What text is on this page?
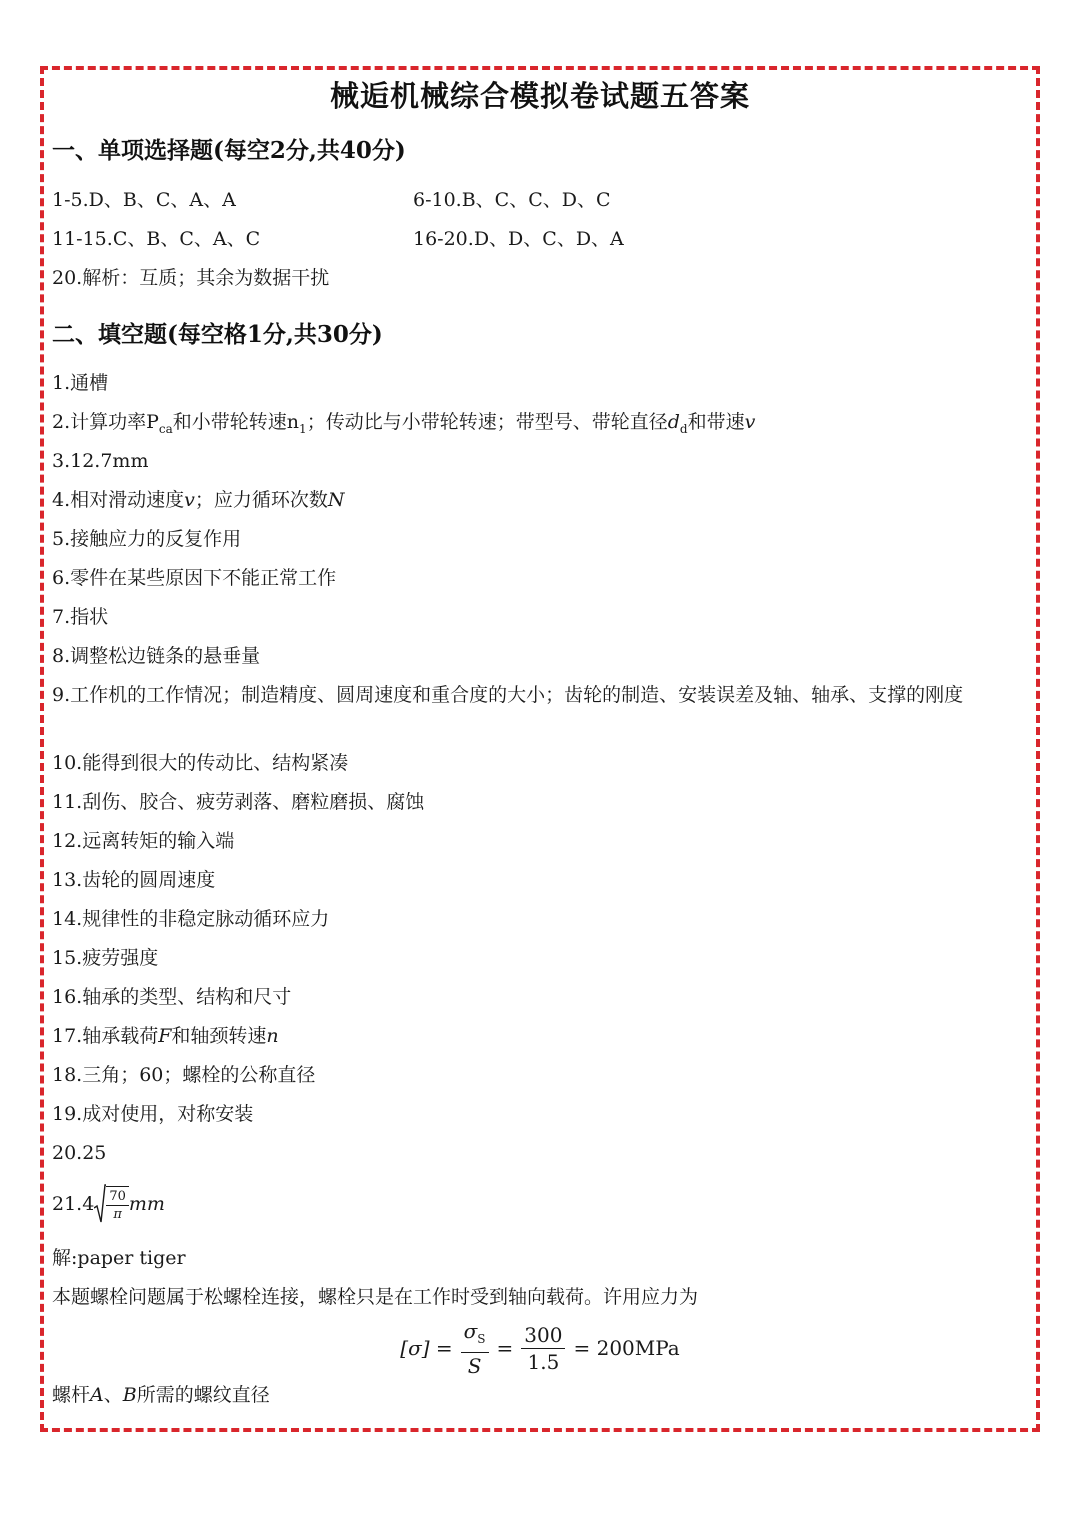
械逅机械综合模拟卷试题五答案
一、单项选择题(每空2分,共40分)
1-5.D、B、C、A、A	6-10.B、C、C、D、C
11-15.C、B、C、A、C	16-20.D、D、C、D、A
20.解析：互质；其余为数据干扰
二、填空题(每空格1分,共30分)
1.通槽
2.计算功率$P_{ca}$和小带轮转速$n_1$；传动比与小带轮转速；带型号、带轮直径$d_d$和带速v
3.12.7mm
4.相对滑动速度v；应力循环次数N
5.接触应力的反复作用
6.零件在某些原因下不能正常工作
7.指状
8.调整松边链条的悬垂量
9.工作机的工作情况；制造精度、圆周速度和重合度的大小；齿轮的制造、安装误差及轴、轴承、支撑的刚度
10.能得到很大的传动比、结构紧凑
11.刮伤、胶合、疲劳剥落、磨粒磨损、腐蚀
12.远离转矩的输入端
13.齿轮的圆周速度
14.规律性的非稳定脉动循环应力
15.疲劳强度
16.轴承的类型、结构和尺寸
17.轴承载荷F和轴颈转速n
18.三角；60；螺栓的公称直径
19.成对使用，对称安装
20.25
21. $4 \frac{70}{\pi}$ mm
解:paper tiger
本题螺栓问题属于松螺栓连接，螺栓只是在工作时受到轴向载荷。许用应力为
$[\sigma] = \frac{\sigma_S}{S} = \frac{300}{1.5} = 200MPa$
螺杆A、B所需的螺纹直径
